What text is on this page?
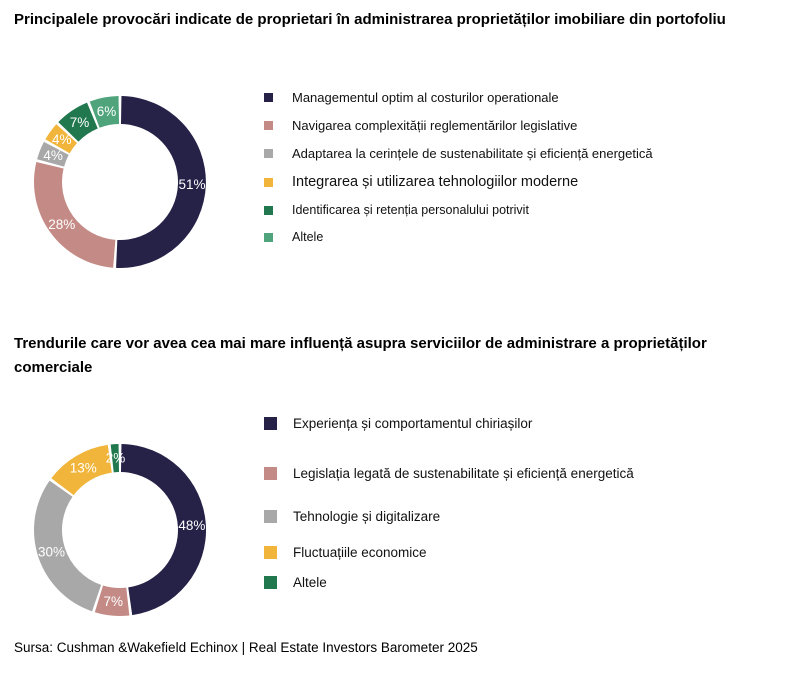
Principalele provocări indicate de proprietari în administrarea proprietăților imobiliare din portofoliu
51%
28%
4%
4%
7%
6%
Managementul optim al costurilor operationale
Navigarea complexității reglementărilor legislative
Adaptarea la cerințele de sustenabilitate și eficiență energetică
Integrarea și utilizarea tehnologiilor moderne
Identificarea și retenția personalului potrivit
Altele
Trendurile care vor avea cea mai mare influență asupra serviciilor de administrare a proprietăților comerciale
48%
7%
30%
13%
2%
Experiența și comportamentul chiriașilor
Legislația legată de sustenabilitate și eficiență energetică
Tehnologie și digitalizare
Fluctuațiile economice
Altele
Sursa: Cushman &Wakefield Echinox | Real Estate Investors Barometer 2025
